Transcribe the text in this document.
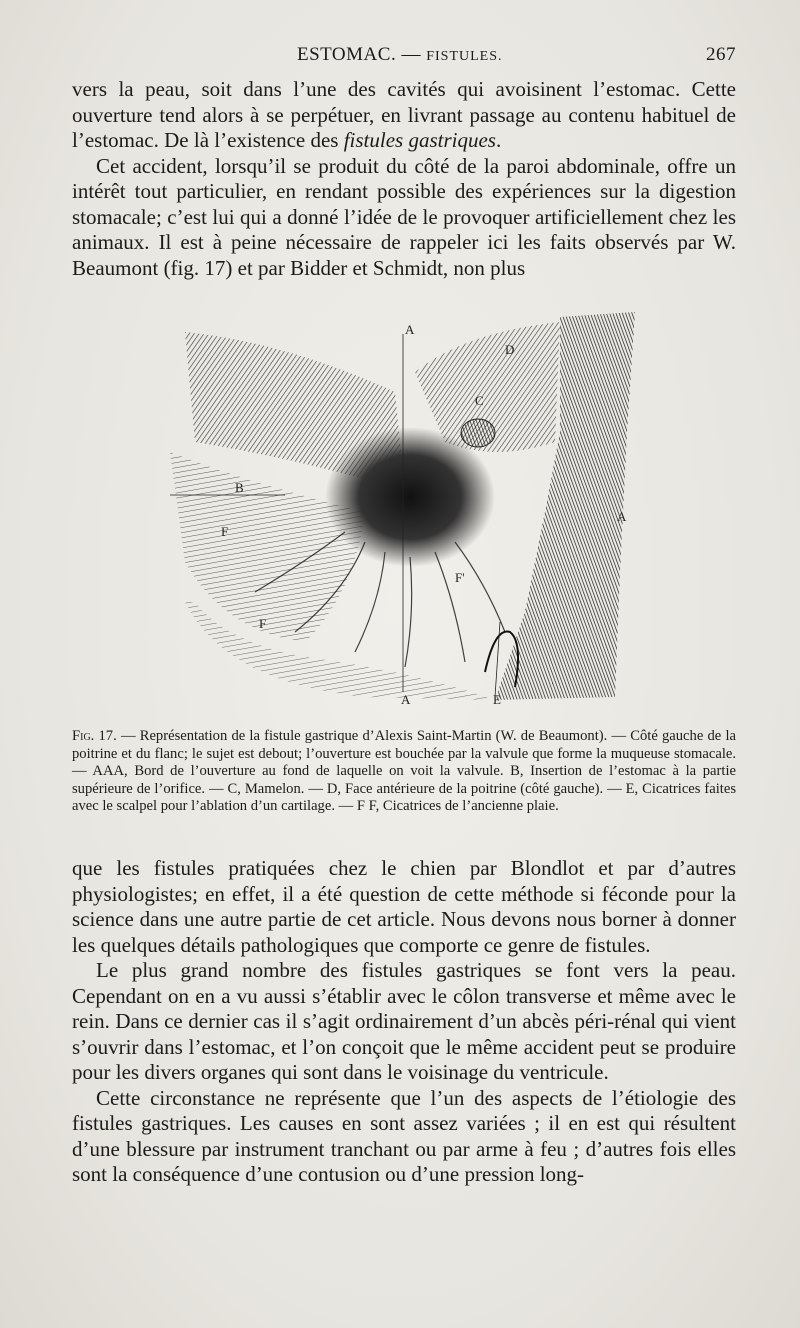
ESTOMAC. — FISTULES.	267

vers la peau, soit dans l’une des cavités qui avoisinent l’estomac. Cette ouverture tend alors à se perpétuer, en livrant passage au contenu habituel de l’estomac. De là l’existence des fistules gastriques.

Cet accident, lorsqu’il se produit du côté de la paroi abdominale, offre un intérêt tout particulier, en rendant possible des expériences sur la digestion stomacale; c’est lui qui a donné l’idée de le provoquer artificiellement chez les animaux. Il est à peine nécessaire de rappeler ici les faits observés par W. Beaumont (fig. 17) et par Bidder et Schmidt, non plus

A
D
C
B
A
F
F'
F
A	E
Fig. 17. — Représentation de la fistule gastrique d’Alexis Saint-Martin (W. de Beaumont). — Côté gauche de la poitrine et du flanc; le sujet est debout; l’ouverture est bouchée par la valvule que forme la muqueuse stomacale.— AAA, Bord de l’ouverture au fond de laquelle on voit la valvule. B, Insertion de l’estomac à la partie supérieure de l’orifice. — C, Mamelon. — D, Face antérieure de la poitrine (côté gauche). — E, Cicatrices faites avec le scalpel pour l’ablation d’un cartilage. — F F, Cicatrices de l’ancienne plaie.

que les fistules pratiquées chez le chien par Blondlot et par d’autres physiologistes; en effet, il a été question de cette méthode si féconde pour la science dans une autre partie de cet article. Nous devons nous borner à donner les quelques détails pathologiques que comporte ce genre de fistules.

Le plus grand nombre des fistules gastriques se font vers la peau. Cependant on en a vu aussi s’établir avec le côlon transverse et même avec le rein. Dans ce dernier cas il s’agit ordinairement d’un abcès péri-rénal qui vient s’ouvrir dans l’estomac, et l’on conçoit que le même accident peut se produire pour les divers organes qui sont dans le voisinage du ventricule.

Cette circonstance ne représente que l’un des aspects de l’étiologie des fistules gastriques. Les causes en sont assez variées ; il en est qui résultent d’une blessure par instrument tranchant ou par arme à feu ; d’autres fois elles sont la conséquence d’une contusion ou d’une pression long-
